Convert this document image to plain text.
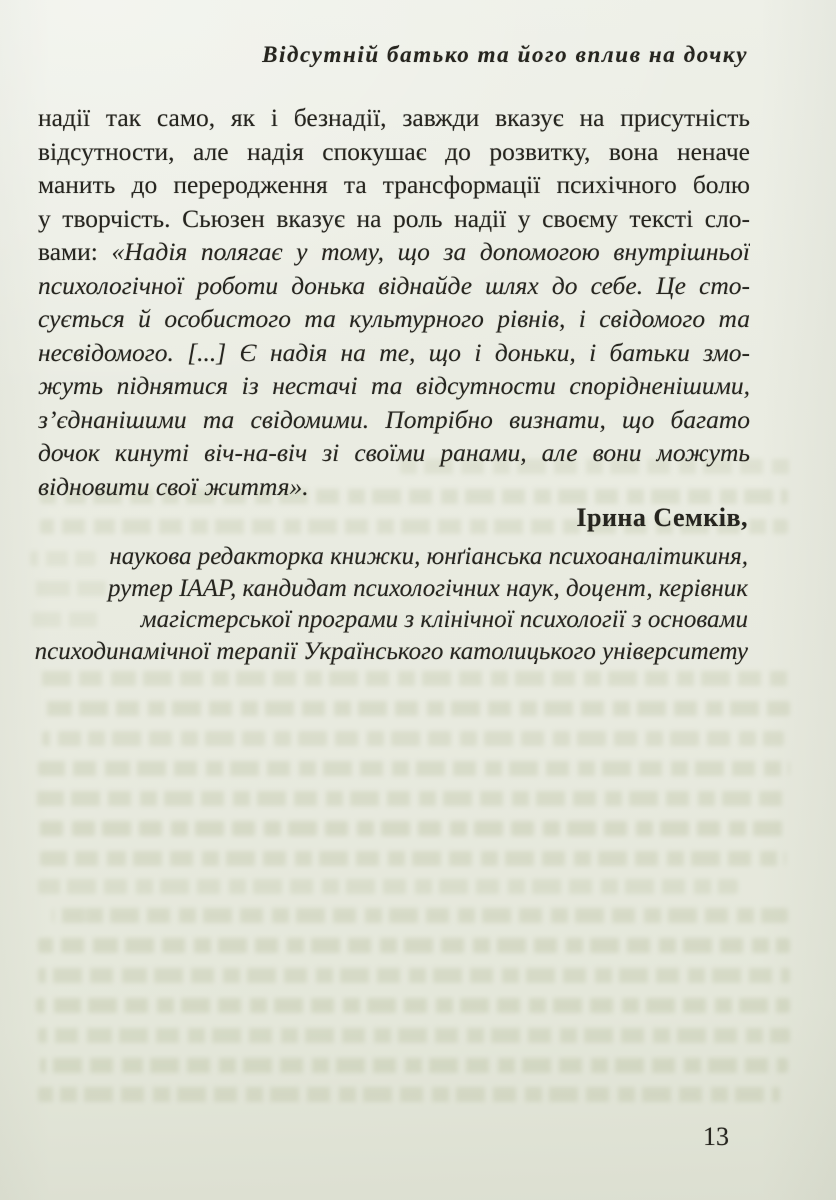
Відсутній батько та його вплив на дочку
надії так само, як і безнадії, завжди вказує на присутність
відсутности, але надія спокушає до розвитку, вона неначе
манить до переродження та трансформації психічного болю
у творчість. Сьюзен вказує на роль надії у своєму тексті сло-
вами: «Надія полягає у тому, що за допомогою внутрішньої
психологічної роботи донька віднайде шлях до себе. Це сто-
сується й особистого та культурного рівнів, і свідомого та
несвідомого. [...] Є надія на те, що і доньки, і батьки змо-
жуть піднятися із нестачі та відсутности спорідненішими,
з’єднанішими та свідомими. Потрібно визнати, що багато
дочок кинуті віч-на-віч зі своїми ранами, але вони можуть
відновити свої життя».
Ірина Семків,
наукова редакторка книжки, юнґіанська психоаналітикиня,
рутер IAAP, кандидат психологічних наук, доцент, керівник
магістерської програми з клінічної психології з основами
психодинамічної терапії Українського католицького університету
13
